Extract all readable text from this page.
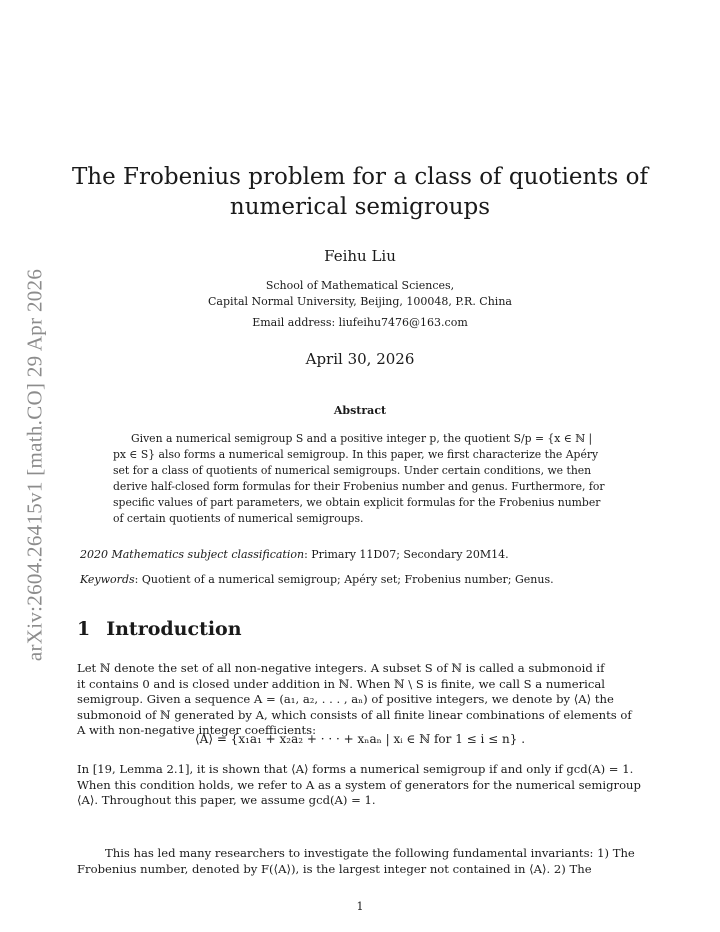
arXiv:2604.26415v1 [math.CO] 29 Apr 2026
The Frobenius problem for a class of quotients of
numerical semigroups
Feihu Liu
School of Mathematical Sciences,
Capital Normal University, Beijing, 100048, P.R. China
Email address: liufeihu7476@163.com
April 30, 2026
Abstract
Given a numerical semigroup S and a positive integer p, the quotient S/p = {x ∈ ℕ |
px ∈ S} also forms a numerical semigroup. In this paper, we first characterize the Apéry
set for a class of quotients of numerical semigroups. Under certain conditions, we then
derive half-closed form formulas for their Frobenius number and genus. Furthermore, for
specific values of part parameters, we obtain explicit formulas for the Frobenius number
of certain quotients of numerical semigroups.
2020 Mathematics subject classification: Primary 11D07; Secondary 20M14.
Keywords: Quotient of a numerical semigroup; Apéry set; Frobenius number; Genus.
1 Introduction
Let ℕ denote the set of all non-negative integers. A subset S of ℕ is called a submonoid if
it contains 0 and is closed under addition in ℕ. When ℕ \ S is finite, we call S a numerical
semigroup. Given a sequence A = (a₁, a₂, . . . , aₙ) of positive integers, we denote by ⟨A⟩ the
submonoid of ℕ generated by A, which consists of all finite linear combinations of elements of
A with non-negative integer coefficients:
⟨A⟩ = {x₁a₁ + x₂a₂ + · · · + xₙaₙ | xᵢ ∈ ℕ for 1 ≤ i ≤ n} .
In [19, Lemma 2.1], it is shown that ⟨A⟩ forms a numerical semigroup if and only if gcd(A) = 1.
When this condition holds, we refer to A as a system of generators for the numerical semigroup
⟨A⟩. Throughout this paper, we assume gcd(A) = 1.
This has led many researchers to investigate the following fundamental invariants: 1) The
Frobenius number, denoted by F(⟨A⟩), is the largest integer not contained in ⟨A⟩. 2) The
1
